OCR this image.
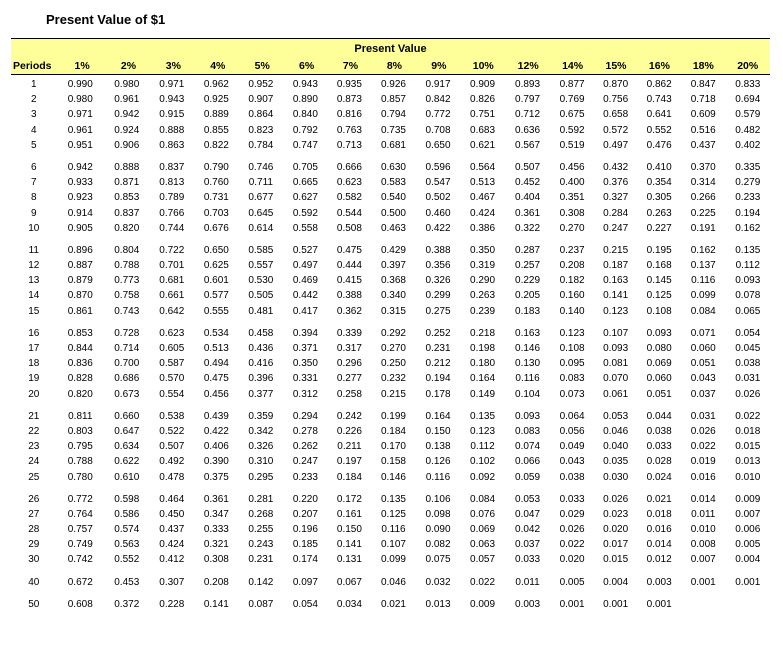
Present Value of $1
Present Value
Periods	1%	2%	3%	4%	5%	6%	7%	8%	9%	10%	12%	14%	15%	16%	18%	20%
1	0.990	0.980	0.971	0.962	0.952	0.943	0.935	0.926	0.917	0.909	0.893	0.877	0.870	0.862	0.847	0.833
2	0.980	0.961	0.943	0.925	0.907	0.890	0.873	0.857	0.842	0.826	0.797	0.769	0.756	0.743	0.718	0.694
3	0.971	0.942	0.915	0.889	0.864	0.840	0.816	0.794	0.772	0.751	0.712	0.675	0.658	0.641	0.609	0.579
4	0.961	0.924	0.888	0.855	0.823	0.792	0.763	0.735	0.708	0.683	0.636	0.592	0.572	0.552	0.516	0.482
5	0.951	0.906	0.863	0.822	0.784	0.747	0.713	0.681	0.650	0.621	0.567	0.519	0.497	0.476	0.437	0.402
6	0.942	0.888	0.837	0.790	0.746	0.705	0.666	0.630	0.596	0.564	0.507	0.456	0.432	0.410	0.370	0.335
7	0.933	0.871	0.813	0.760	0.711	0.665	0.623	0.583	0.547	0.513	0.452	0.400	0.376	0.354	0.314	0.279
8	0.923	0.853	0.789	0.731	0.677	0.627	0.582	0.540	0.502	0.467	0.404	0.351	0.327	0.305	0.266	0.233
9	0.914	0.837	0.766	0.703	0.645	0.592	0.544	0.500	0.460	0.424	0.361	0.308	0.284	0.263	0.225	0.194
10	0.905	0.820	0.744	0.676	0.614	0.558	0.508	0.463	0.422	0.386	0.322	0.270	0.247	0.227	0.191	0.162
11	0.896	0.804	0.722	0.650	0.585	0.527	0.475	0.429	0.388	0.350	0.287	0.237	0.215	0.195	0.162	0.135
12	0.887	0.788	0.701	0.625	0.557	0.497	0.444	0.397	0.356	0.319	0.257	0.208	0.187	0.168	0.137	0.112
13	0.879	0.773	0.681	0.601	0.530	0.469	0.415	0.368	0.326	0.290	0.229	0.182	0.163	0.145	0.116	0.093
14	0.870	0.758	0.661	0.577	0.505	0.442	0.388	0.340	0.299	0.263	0.205	0.160	0.141	0.125	0.099	0.078
15	0.861	0.743	0.642	0.555	0.481	0.417	0.362	0.315	0.275	0.239	0.183	0.140	0.123	0.108	0.084	0.065
16	0.853	0.728	0.623	0.534	0.458	0.394	0.339	0.292	0.252	0.218	0.163	0.123	0.107	0.093	0.071	0.054
17	0.844	0.714	0.605	0.513	0.436	0.371	0.317	0.270	0.231	0.198	0.146	0.108	0.093	0.080	0.060	0.045
18	0.836	0.700	0.587	0.494	0.416	0.350	0.296	0.250	0.212	0.180	0.130	0.095	0.081	0.069	0.051	0.038
19	0.828	0.686	0.570	0.475	0.396	0.331	0.277	0.232	0.194	0.164	0.116	0.083	0.070	0.060	0.043	0.031
20	0.820	0.673	0.554	0.456	0.377	0.312	0.258	0.215	0.178	0.149	0.104	0.073	0.061	0.051	0.037	0.026
21	0.811	0.660	0.538	0.439	0.359	0.294	0.242	0.199	0.164	0.135	0.093	0.064	0.053	0.044	0.031	0.022
22	0.803	0.647	0.522	0.422	0.342	0.278	0.226	0.184	0.150	0.123	0.083	0.056	0.046	0.038	0.026	0.018
23	0.795	0.634	0.507	0.406	0.326	0.262	0.211	0.170	0.138	0.112	0.074	0.049	0.040	0.033	0.022	0.015
24	0.788	0.622	0.492	0.390	0.310	0.247	0.197	0.158	0.126	0.102	0.066	0.043	0.035	0.028	0.019	0.013
25	0.780	0.610	0.478	0.375	0.295	0.233	0.184	0.146	0.116	0.092	0.059	0.038	0.030	0.024	0.016	0.010
26	0.772	0.598	0.464	0.361	0.281	0.220	0.172	0.135	0.106	0.084	0.053	0.033	0.026	0.021	0.014	0.009
27	0.764	0.586	0.450	0.347	0.268	0.207	0.161	0.125	0.098	0.076	0.047	0.029	0.023	0.018	0.011	0.007
28	0.757	0.574	0.437	0.333	0.255	0.196	0.150	0.116	0.090	0.069	0.042	0.026	0.020	0.016	0.010	0.006
29	0.749	0.563	0.424	0.321	0.243	0.185	0.141	0.107	0.082	0.063	0.037	0.022	0.017	0.014	0.008	0.005
30	0.742	0.552	0.412	0.308	0.231	0.174	0.131	0.099	0.075	0.057	0.033	0.020	0.015	0.012	0.007	0.004
40	0.672	0.453	0.307	0.208	0.142	0.097	0.067	0.046	0.032	0.022	0.011	0.005	0.004	0.003	0.001	0.001
50	0.608	0.372	0.228	0.141	0.087	0.054	0.034	0.021	0.013	0.009	0.003	0.001	0.001	0.001
